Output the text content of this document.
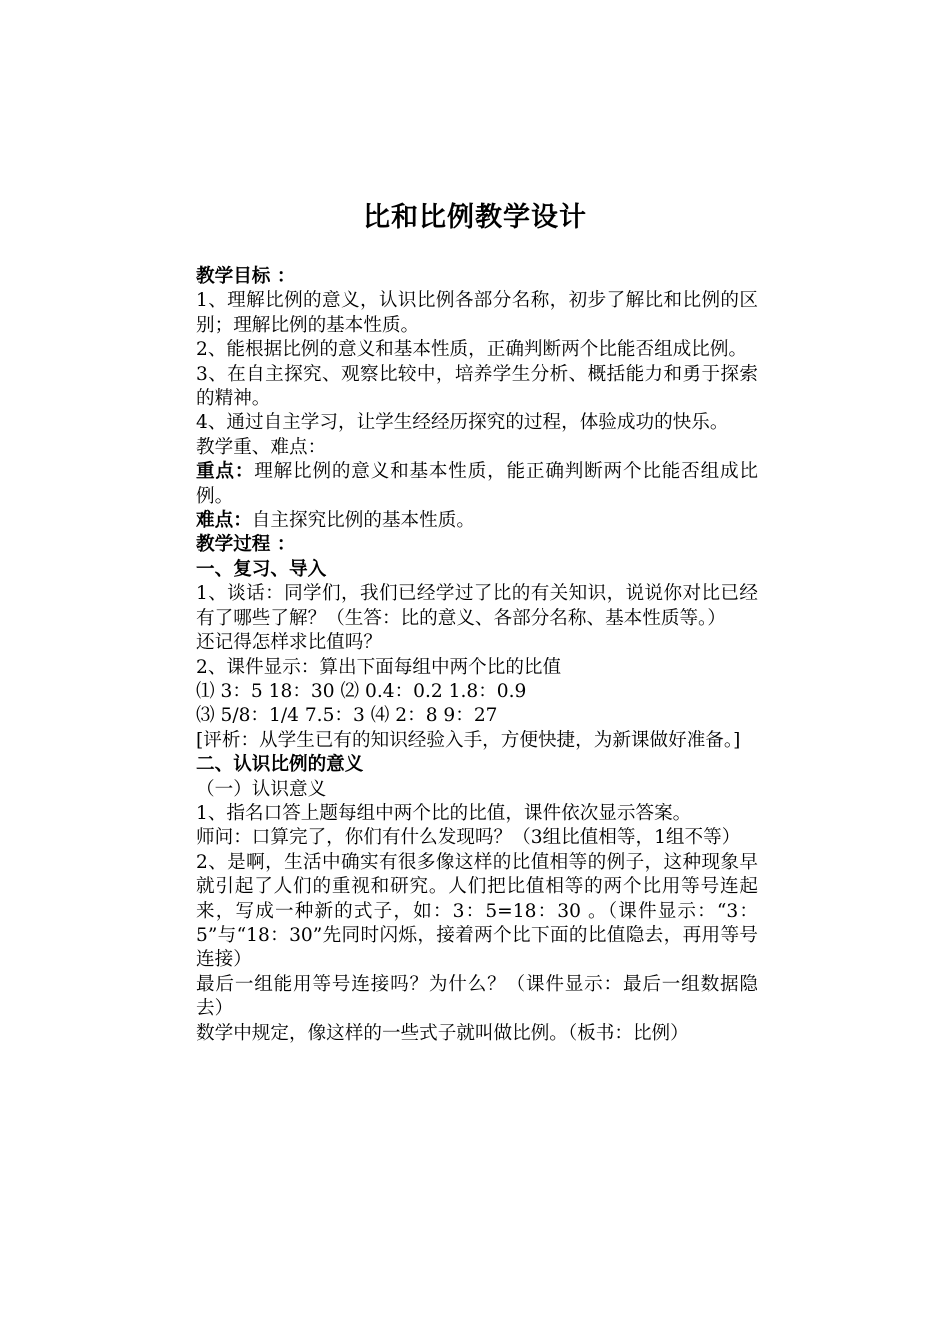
比和比例教学设计

教学目标 ：

1、理解比例的意义，认识比例各部分名称，初步了解比和比例的区别；理解比例的基本性质。

2、能根据比例的意义和基本性质，正确判断两个比能否组成比例。

3、在自主探究、观察比较中，培养学生分析、概括能力和勇于探索的精神。

4、通过自主学习，让学生经经历探究的过程，体验成功的快乐。

教学重、难点：

重点：理解比例的意义和基本性质，能正确判断两个比能否组成比例。

难点：自主探究比例的基本性质。

教学过程 ：

一、复习、导入

1、谈话：同学们，我们已经学过了比的有关知识，说说你对比已经有了哪些了解？（生答：比的意义、各部分名称、基本性质等。）

还记得怎样求比值吗？

2、课件显示：算出下面每组中两个比的比值

⑴ 3：5 18：30 ⑵ 0.4：0.2 1.8：0.9

⑶ 5/8：1/4 7.5：3 ⑷ 2：8 9：27

[评析：从学生已有的知识经验入手，方便快捷，为新课做好准备。]

二、认识比例的意义

（一）认识意义

1、指名口答上题每组中两个比的比值，课件依次显示答案。

师问：口算完了，你们有什么发现吗？（3组比值相等，1组不等）

2、是啊，生活中确实有很多像这样的比值相等的例子，这种现象早就引起了人们的重视和研究。人们把比值相等的两个比用等号连起来，写成一种新的式子，如：3：5=18：30 。（课件显示：“3：5”与“18：30”先同时闪烁，接着两个比下面的比值隐去，再用等号连接）

最后一组能用等号连接吗？为什么？（课件显示：最后一组数据隐去）

数学中规定，像这样的一些式子就叫做比例。（板书：比例）
